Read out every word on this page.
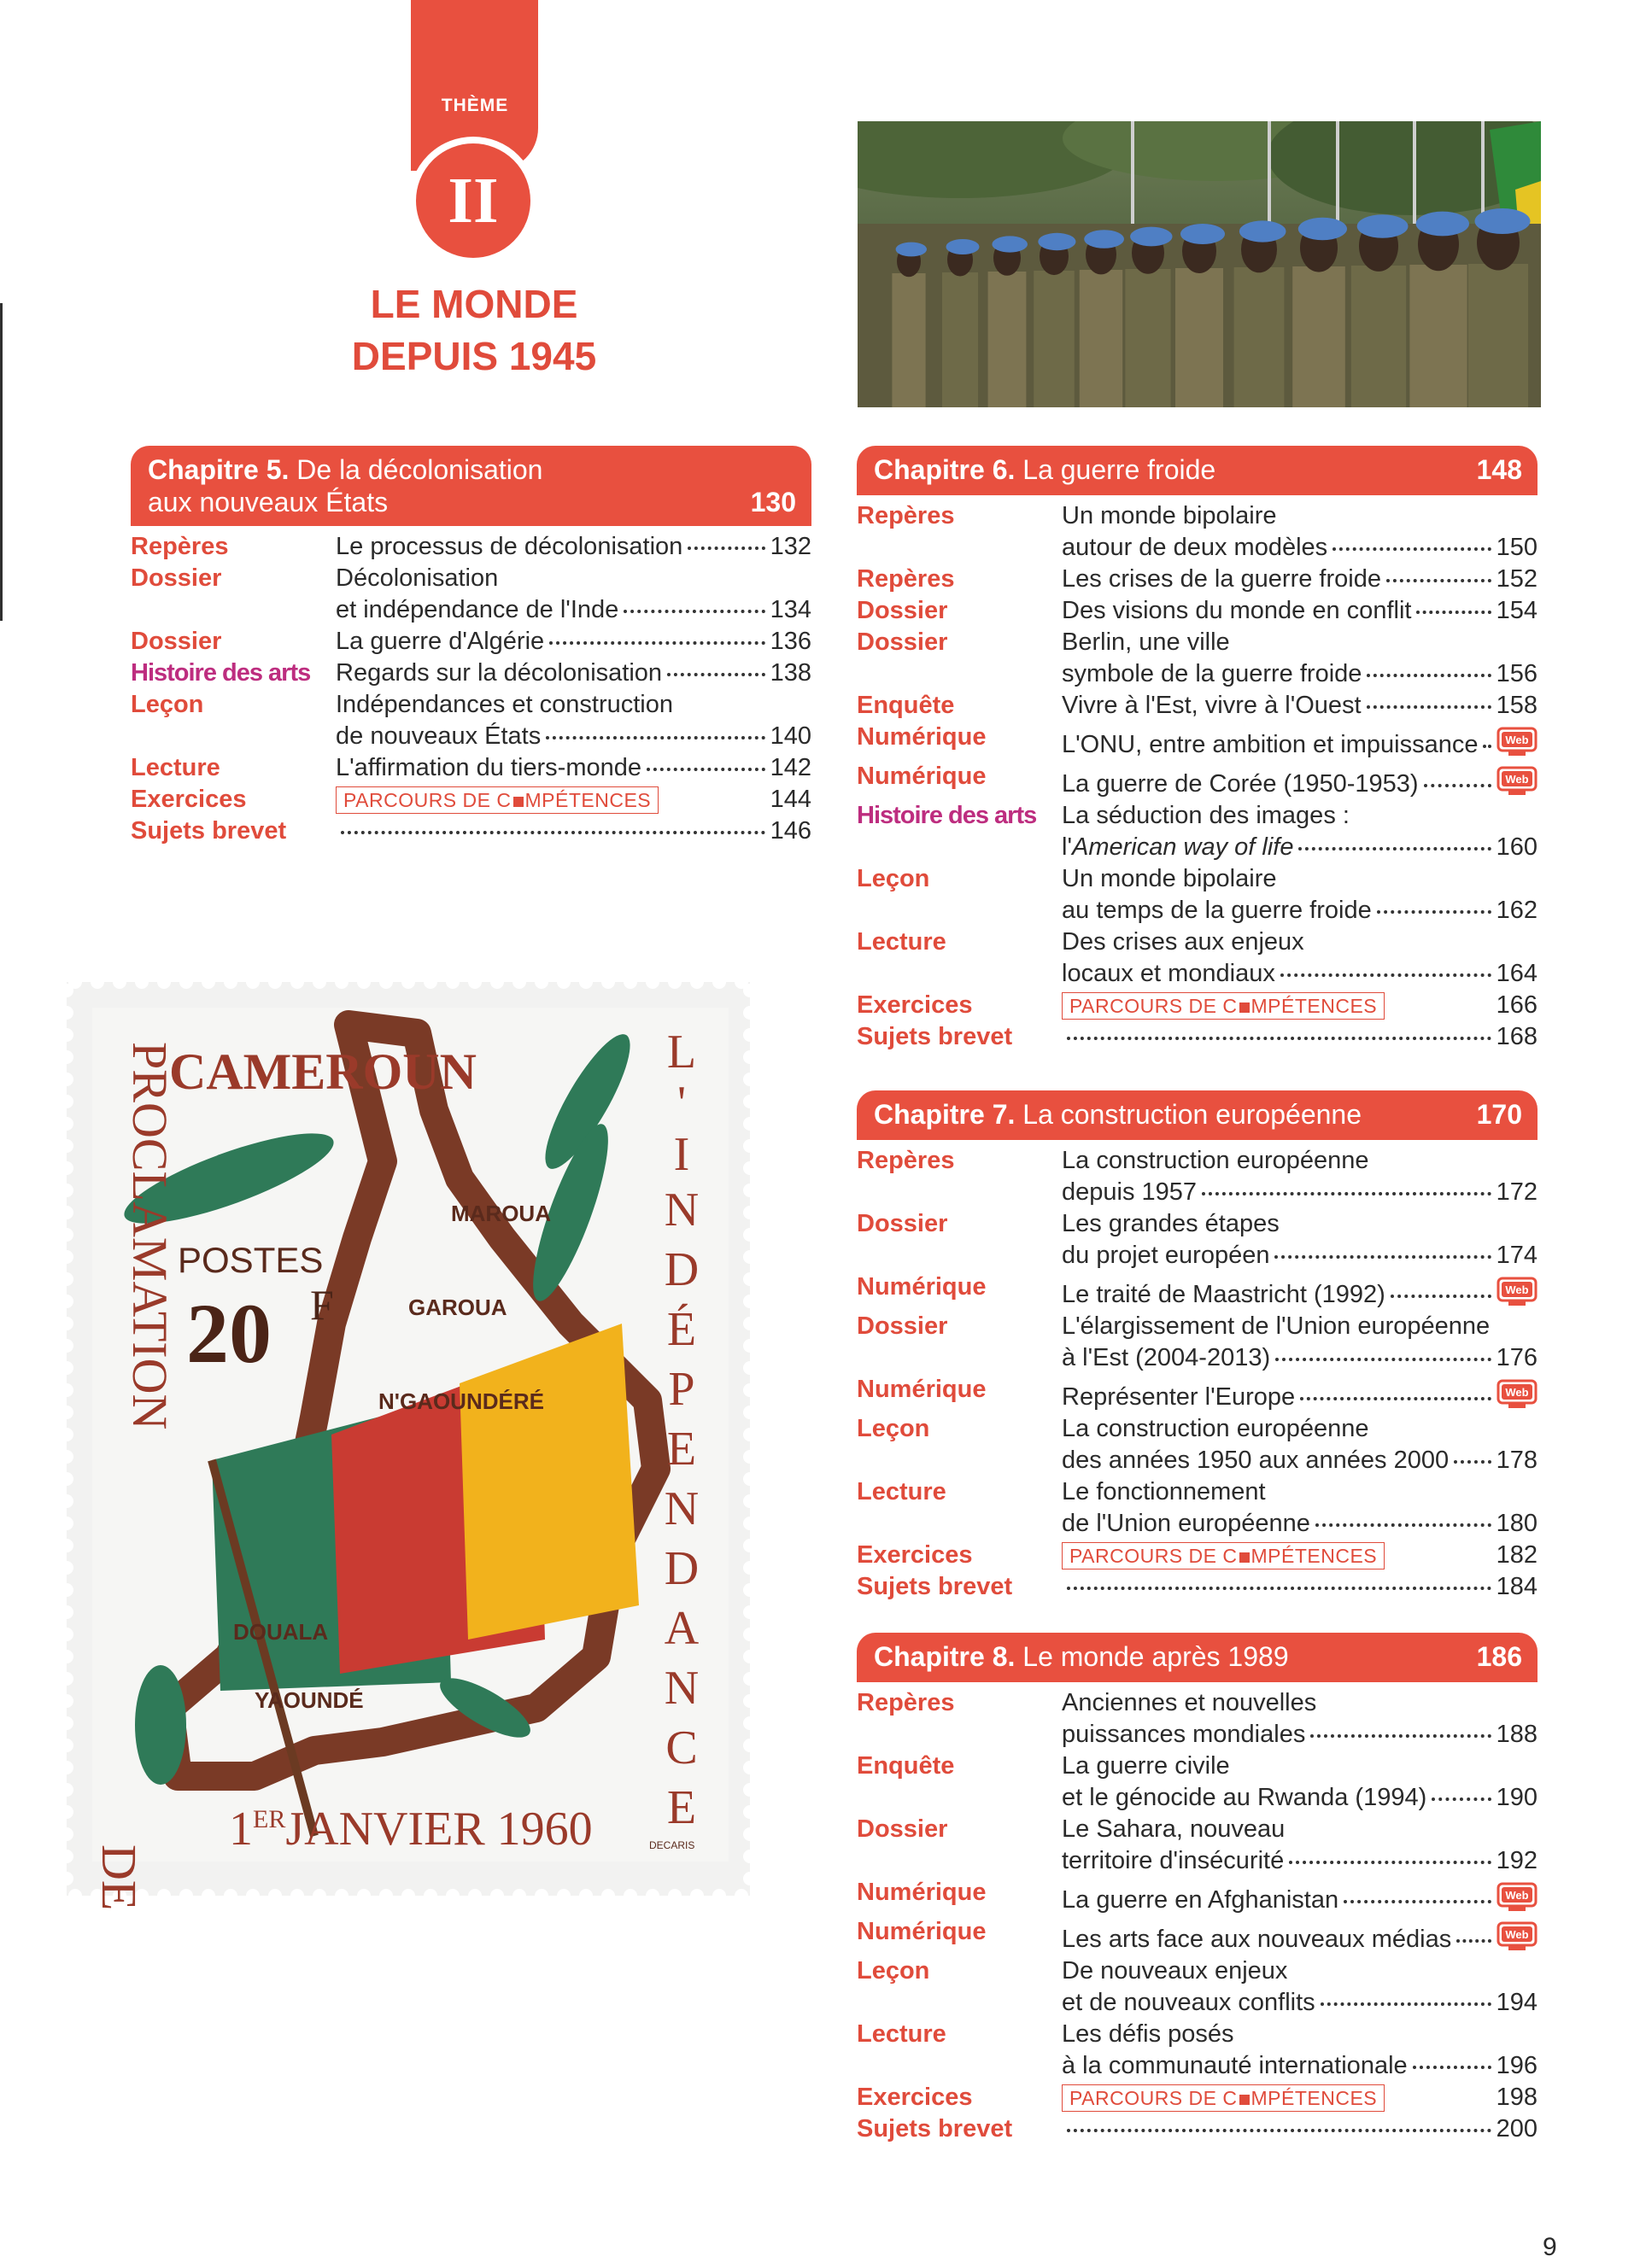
THÈME
II
LE MONDE
DEPUIS 1945
CAMEROUN
PROCLAMATION
DE
L
'
I
N
D
É
P
E
N
D
A
N
C
E
POSTES
20 F
MAROUA
GAROUA
N'GAOUNDÉRÉ
DOUALA
YAOUNDÉ
1ERJANVIER 1960	DECARIS
Chapitre 5. De la décolonisation
aux nouveaux États	130
Repères	Le processus de décolonisation	132
Dossier	Décolonisation
et indépendance de l'Inde	134
Dossier	La guerre d'Algérie	136
Histoire des arts Regards sur la décolonisation	138
Leçon	Indépendances et construction
de nouveaux États	140
Lecture	L'affirmation du tiers-monde	142
Exercices	PARCOURS DE C MPÉTENCES	144
Sujets brevet	146
Chapitre 6. La guerre froide	148
Repères	Un monde bipolaire
autour de deux modèles	150
Repères	Les crises de la guerre froide	152
Dossier	Des visions du monde en conflit	154
Dossier	Berlin, une ville
symbole de la guerre froide	156
Enquête	Vivre à l'Est, vivre à l'Ouest	158
Numérique	L'ONU, entre ambition et impuissance Web
Numérique	La guerre de Corée (1950-1953)	Web
Histoire des arts La séduction des images :
l'American way of life	160
Leçon	Un monde bipolaire
au temps de la guerre froide	162
Lecture	Des crises aux enjeux
locaux et mondiaux	164
Exercices	PARCOURS DE C MPÉTENCES	166
Sujets brevet	168
Chapitre 7. La construction européenne	170
Repères	La construction européenne
depuis 1957	172
Dossier	Les grandes étapes
du projet européen	174
Numérique	Le traité de Maastricht (1992)	Web
Dossier	L'élargissement de l'Union européenne
à l'Est (2004-2013)	176
Numérique	Représenter l'Europe	Web
Leçon	La construction européenne
des années 1950 aux années 2000 178
Lecture	Le fonctionnement
de l'Union européenne	180
Exercices	PARCOURS DE C MPÉTENCES	182
Sujets brevet	184
Chapitre 8. Le monde après 1989	186
Repères	Anciennes et nouvelles
puissances mondiales	188
Enquête	La guerre civile
et le génocide au Rwanda (1994)	190
Dossier	Le Sahara, nouveau
territoire d'insécurité	192
Numérique	La guerre en Afghanistan	Web
Numérique	Les arts face aux nouveaux médias	Web
Leçon	De nouveaux enjeux
et de nouveaux conflits	194
Lecture	Les défis posés
à la communauté internationale	196
Exercices	PARCOURS DE C MPÉTENCES	198
Sujets brevet	200
9
